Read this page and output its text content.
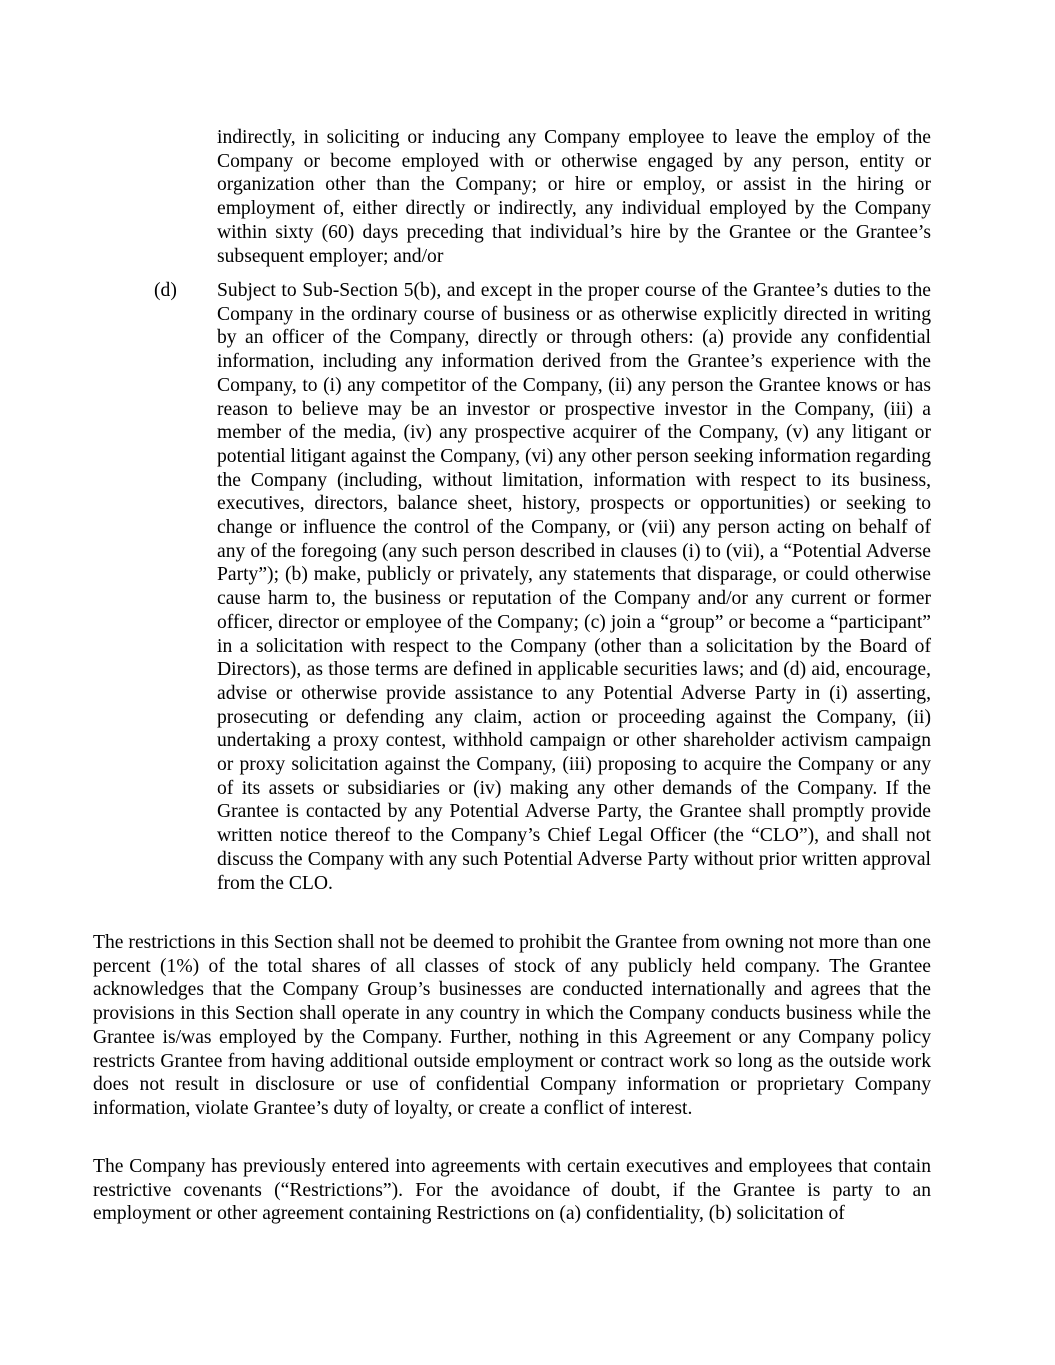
indirectly, in soliciting or inducing any Company employee to leave the employ of the Company or become employed with or otherwise engaged by any person, entity or organization other than the Company; or hire or employ, or assist in the hiring or employment of, either directly or indirectly, any individual employed by the Company within sixty (60) days preceding that individual’s hire by the Grantee or the Grantee’s subsequent employer; and/or

(d) Subject to Sub-Section 5(b), and except in the proper course of the Grantee’s duties to the Company in the ordinary course of business or as otherwise explicitly directed in writing by an officer of the Company, directly or through others: (a) provide any confidential information, including any information derived from the Grantee’s experience with the Company, to (i) any competitor of the Company, (ii) any person the Grantee knows or has reason to believe may be an investor or prospective investor in the Company, (iii) a member of the media, (iv) any prospective acquirer of the Company, (v) any litigant or potential litigant against the Company, (vi) any other person seeking information regarding the Company (including, without limitation, information with respect to its business, executives, directors, balance sheet, history, prospects or opportunities) or seeking to change or influence the control of the Company, or (vii) any person acting on behalf of any of the foregoing (any such person described in clauses (i) to (vii), a “Potential Adverse Party”); (b) make, publicly or privately, any statements that disparage, or could otherwise cause harm to, the business or reputation of the Company and/or any current or former officer, director or employee of the Company; (c) join a “group” or become a “participant” in a solicitation with respect to the Company (other than a solicitation by the Board of Directors), as those terms are defined in applicable securities laws; and (d) aid, encourage, advise or otherwise provide assistance to any Potential Adverse Party in (i) asserting, prosecuting or defending any claim, action or proceeding against the Company, (ii) undertaking a proxy contest, withhold campaign or other shareholder activism campaign or proxy solicitation against the Company, (iii) proposing to acquire the Company or any of its assets or subsidiaries or (iv) making any other demands of the Company. If the Grantee is contacted by any Potential Adverse Party, the Grantee shall promptly provide written notice thereof to the Company’s Chief Legal Officer (the “CLO”), and shall not discuss the Company with any such Potential Adverse Party without prior written approval from the CLO.

The restrictions in this Section shall not be deemed to prohibit the Grantee from owning not more than one percent (1%) of the total shares of all classes of stock of any publicly held company. The Grantee acknowledges that the Company Group’s businesses are conducted internationally and agrees that the provisions in this Section shall operate in any country in which the Company conducts business while the Grantee is/was employed by the Company. Further, nothing in this Agreement or any Company policy restricts Grantee from having additional outside employment or contract work so long as the outside work does not result in disclosure or use of confidential Company information or proprietary Company information, violate Grantee’s duty of loyalty, or create a conflict of interest.

The Company has previously entered into agreements with certain executives and employees that contain restrictive covenants (“Restrictions”). For the avoidance of doubt, if the Grantee is party to an employment or other agreement containing Restrictions on (a) confidentiality, (b) solicitation of
